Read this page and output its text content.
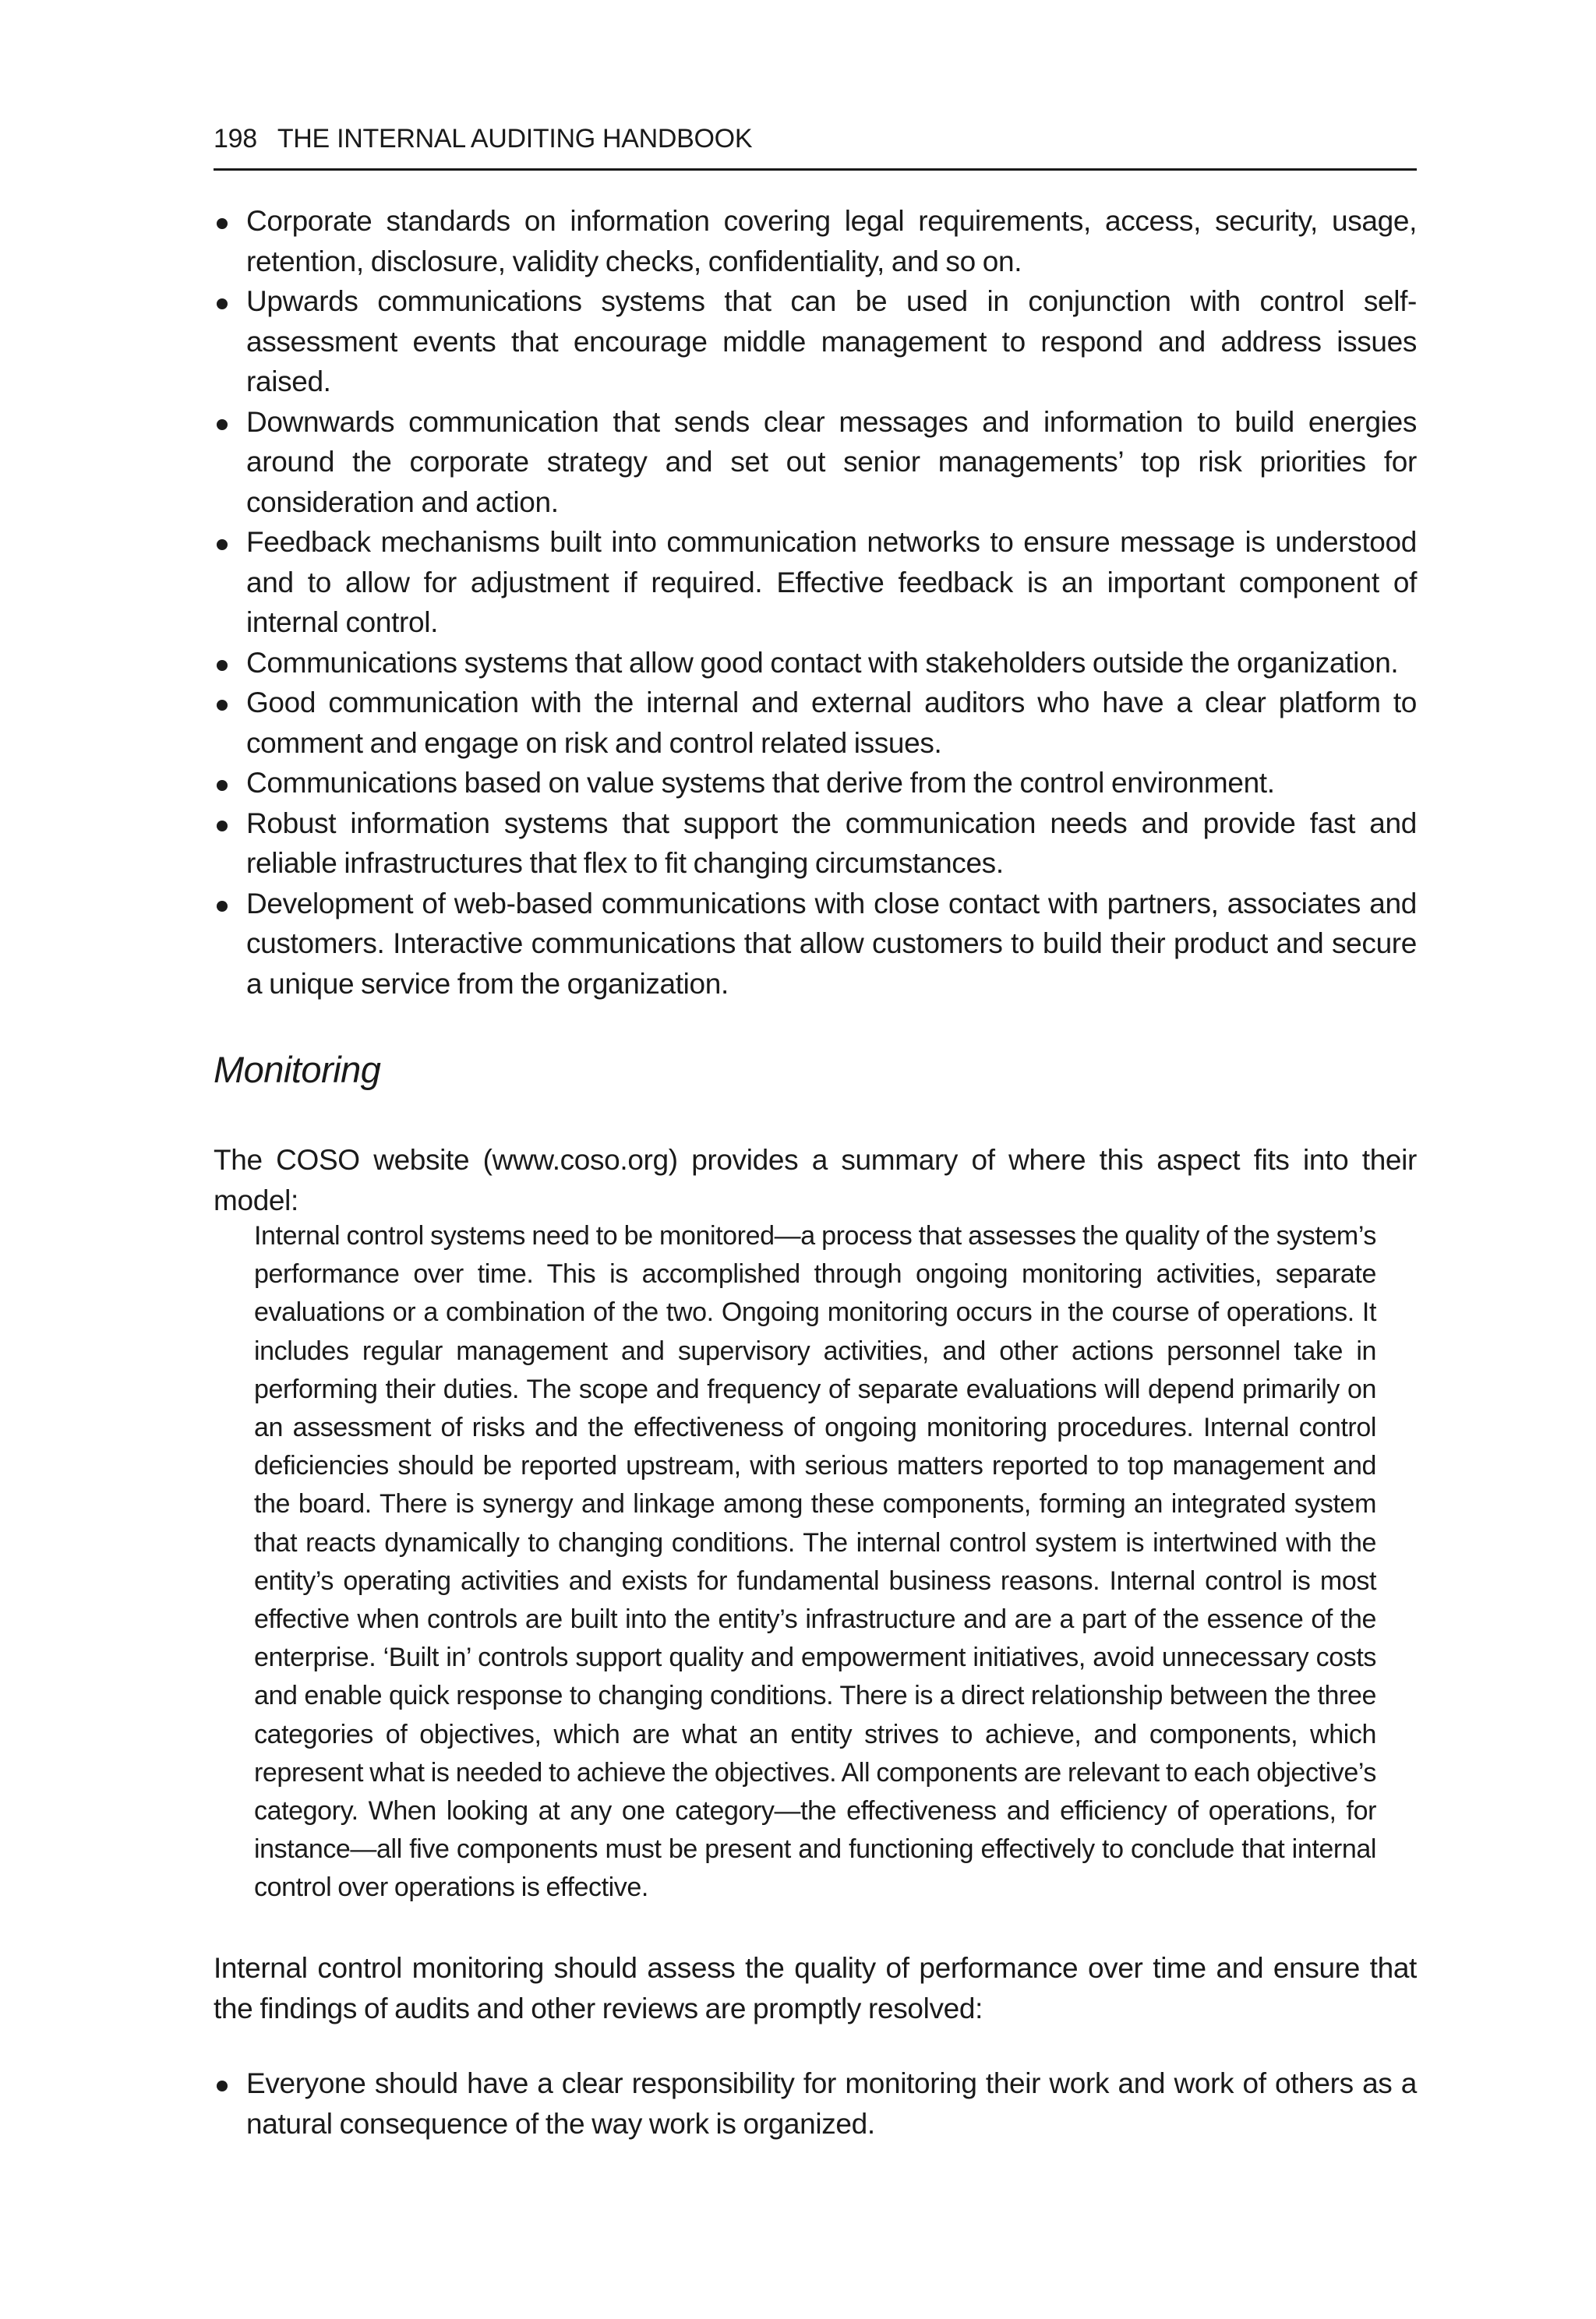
198 THE INTERNAL AUDITING HANDBOOK
Corporate standards on information covering legal requirements, access, security, usage, retention, disclosure, validity checks, confidentiality, and so on.
Upwards communications systems that can be used in conjunction with control self-assessment events that encourage middle management to respond and address issues raised.
Downwards communication that sends clear messages and information to build energies around the corporate strategy and set out senior managements’ top risk priorities for consideration and action.
Feedback mechanisms built into communication networks to ensure message is understood and to allow for adjustment if required. Effective feedback is an important component of internal control.
Communications systems that allow good contact with stakeholders outside the organization.
Good communication with the internal and external auditors who have a clear platform to comment and engage on risk and control related issues.
Communications based on value systems that derive from the control environment.
Robust information systems that support the communication needs and provide fast and reliable infrastructures that flex to fit changing circumstances.
Development of web-based communications with close contact with partners, associates and customers. Interactive communications that allow customers to build their product and secure a unique service from the organization.
Monitoring

The COSO website (www.coso.org) provides a summary of where this aspect fits into their model:

Internal control systems need to be monitored—a process that assesses the quality of the system’s performance over time. This is accomplished through ongoing monitoring activities, separate evaluations or a combination of the two. Ongoing monitoring occurs in the course of operations. It includes regular management and supervisory activities, and other actions personnel take in performing their duties. The scope and frequency of separate evaluations will depend primarily on an assessment of risks and the effectiveness of ongoing monitoring procedures. Internal control deficiencies should be reported upstream, with serious matters reported to top management and the board. There is synergy and linkage among these components, forming an integrated system that reacts dynamically to changing conditions. The internal control system is intertwined with the entity’s operating activities and exists for fundamental business reasons. Internal control is most effective when controls are built into the entity’s infrastructure and are a part of the essence of the enterprise. ‘Built in’ controls support quality and empowerment initiatives, avoid unnecessary costs and enable quick response to changing conditions. There is a direct relationship between the three categories of objectives, which are what an entity strives to achieve, and components, which represent what is needed to achieve the objectives. All components are relevant to each objective’s category. When looking at any one category—the effectiveness and efficiency of operations, for instance—all five components must be present and functioning effectively to conclude that internal control over operations is effective.

Internal control monitoring should assess the quality of performance over time and ensure that the findings of audits and other reviews are promptly resolved:

Everyone should have a clear responsibility for monitoring their work and work of others as a natural consequence of the way work is organized.
